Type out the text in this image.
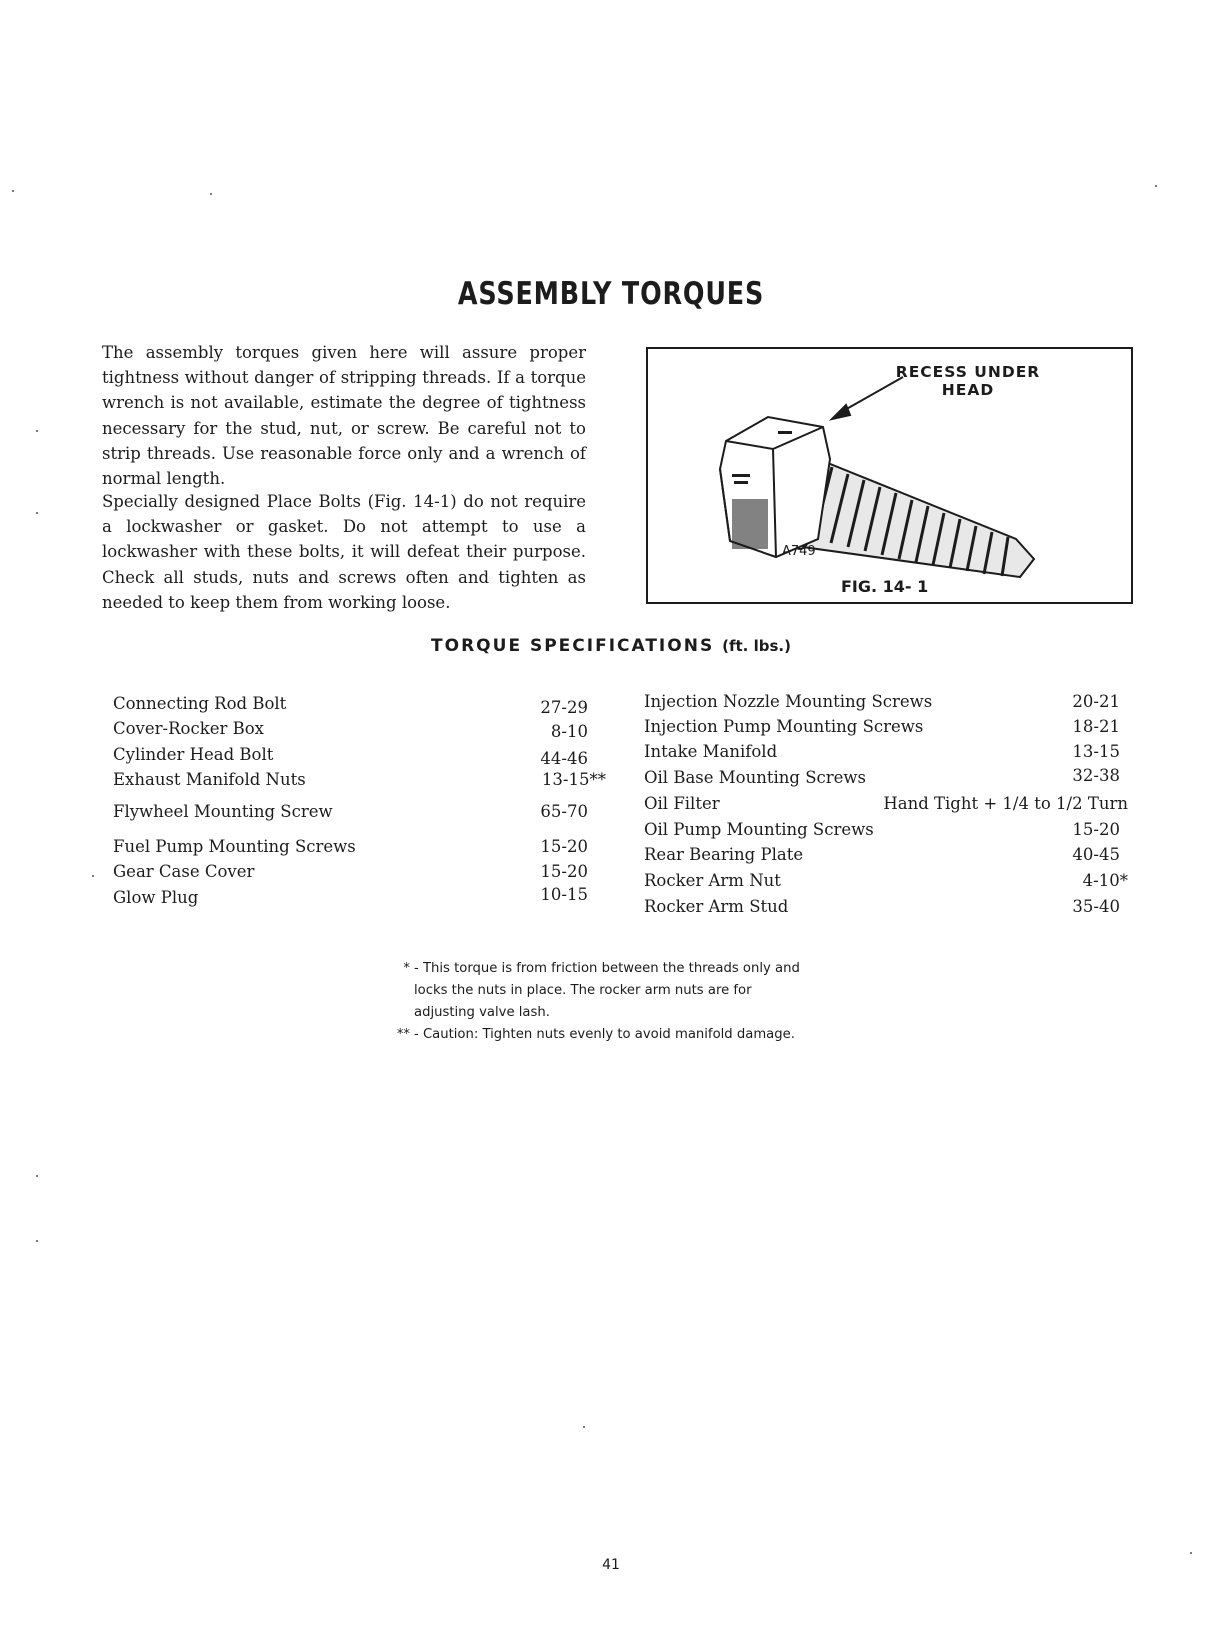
ASSEMBLY TORQUES
The assembly torques given here will assure proper tightness without danger of stripping threads. If a torque wrench is not available, estimate the degree of tightness necessary for the stud, nut, or screw. Be careful not to strip threads. Use reasonable force only and a wrench of normal length.
Specially designed Place Bolts (Fig. 14-1) do not require a lockwasher or gasket. Do not attempt to use a lockwasher with these bolts, it will defeat their purpose. Check all studs, nuts and screws often and tighten as needed to keep them from working loose.
RECESS UNDER
HEAD
A749
FIG. 14- 1
TORQUE SPECIFICATIONS (ft. lbs.)
Connecting Rod Bolt	27-29
Cover-Rocker Box	8-10
Cylinder Head Bolt	44-46
Exhaust Manifold Nuts	13-15**
Flywheel Mounting Screw	65-70
Fuel Pump Mounting Screws	15-20
Gear Case Cover	15-20
Glow Plug	10-15
Injection Nozzle Mounting Screws	20-21
Injection Pump Mounting Screws	18-21
Intake Manifold	13-15
Oil Base Mounting Screws	32-38
Oil Filter	Hand Tight + 1/4 to 1/2 Turn
Oil Pump Mounting Screws	15-20
Rear Bearing Plate	40-45
Rocker Arm Nut	4-10*
Rocker Arm Stud	35-40
* - This torque is from friction between the threads only and
locks the nuts in place. The rocker arm nuts are for
adjusting valve lash.
** - Caution: Tighten nuts evenly to avoid manifold damage.
41
